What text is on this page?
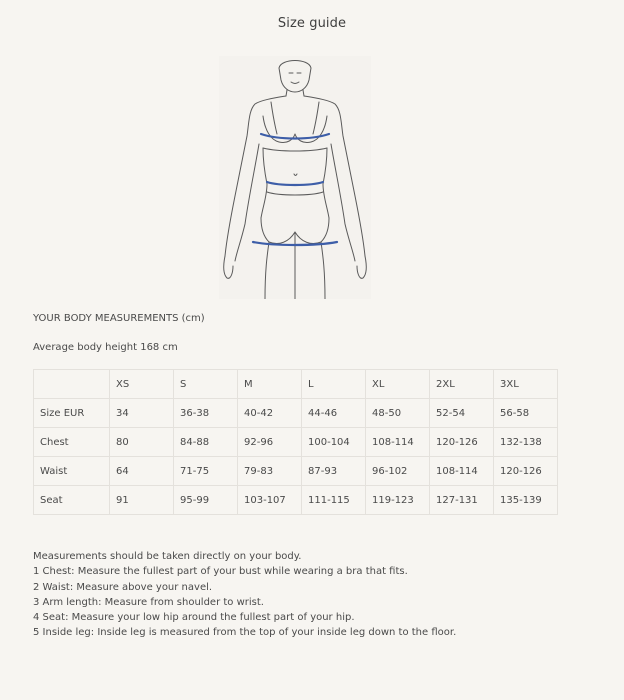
Size guide
YOUR BODY MEASUREMENTS (cm)
Average body height 168 cm
	XS	S	M	L	XL	2XL	3XL
Size EUR	34	36-38	40-42	44-46	48-50	52-54	56-58
Chest	80	84-88	92-96	100-104	108-114	120-126	132-138
Waist	64	71-75	79-83	87-93	96-102	108-114	120-126
Seat	91	95-99	103-107	111-115	119-123	127-131	135-139
Measurements should be taken directly on your body.
1 Chest: Measure the fullest part of your bust while wearing a bra that fits.
2 Waist: Measure above your navel.
3 Arm length: Measure from shoulder to wrist.
4 Seat: Measure your low hip around the fullest part of your hip.
5 Inside leg: Inside leg is measured from the top of your inside leg down to the floor.
